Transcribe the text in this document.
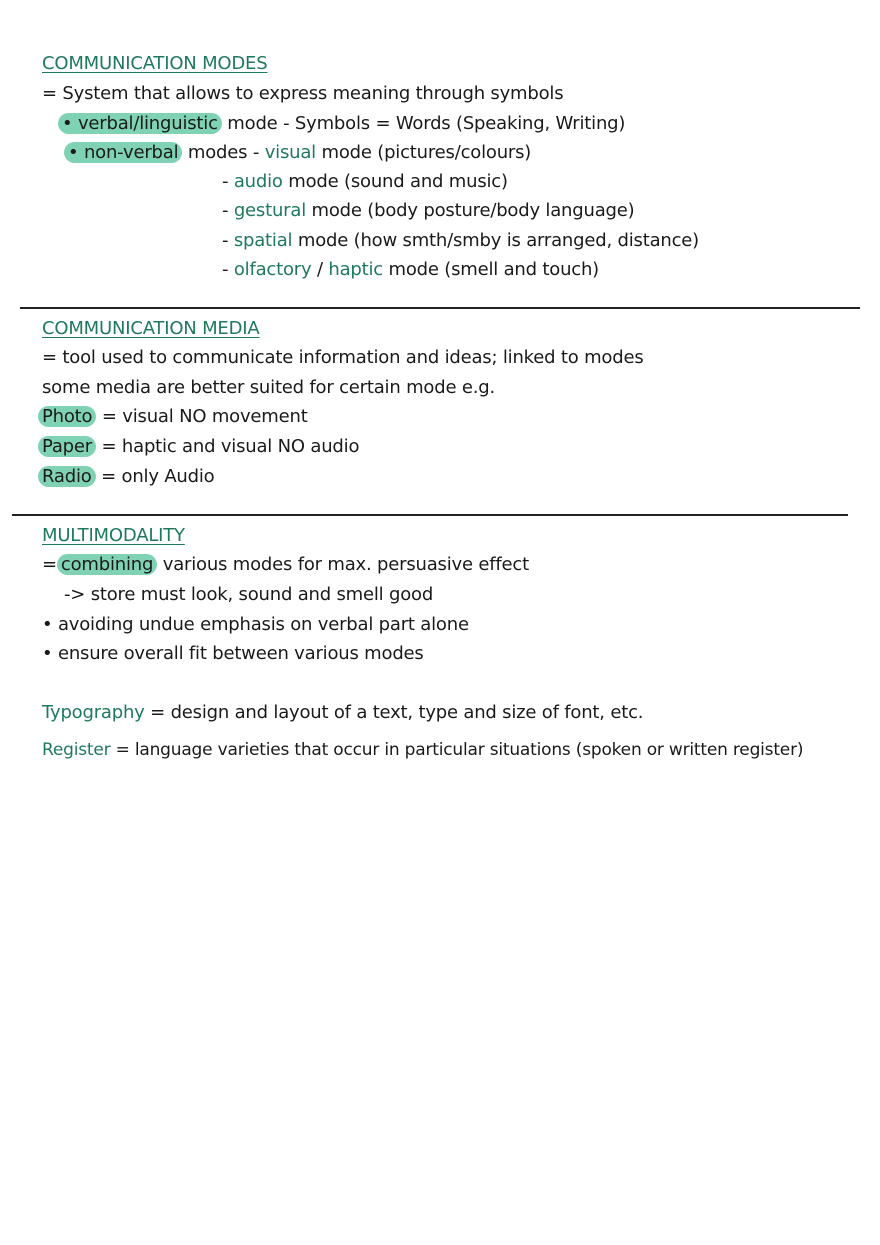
COMMUNICATION MODES
= System that allows to express meaning through symbols
• verbal/linguistic mode - Symbols = Words (Speaking, Writing)
• non-verbal modes - visual mode (pictures/colours)
- audio mode (sound and music)
- gestural mode (body posture/body language)
- spatial mode (how smth/smby is arranged, distance)
- olfactory / haptic mode (smell and touch)
COMMUNICATION MEDIA
= tool used to communicate information and ideas; linked to modes
some media are better suited for certain mode e.g.
Photo = visual NO movement
Paper = haptic and visual NO audio
Radio = only Audio
MULTIMODALITY
= combining various modes for max. persuasive effect
-> store must look, sound and smell good
• avoiding undue emphasis on verbal part alone
• ensure overall fit between various modes
Typography = design and layout of a text, type and size of font, etc.
Register = language varieties that occur in particular situations (spoken or written register)
